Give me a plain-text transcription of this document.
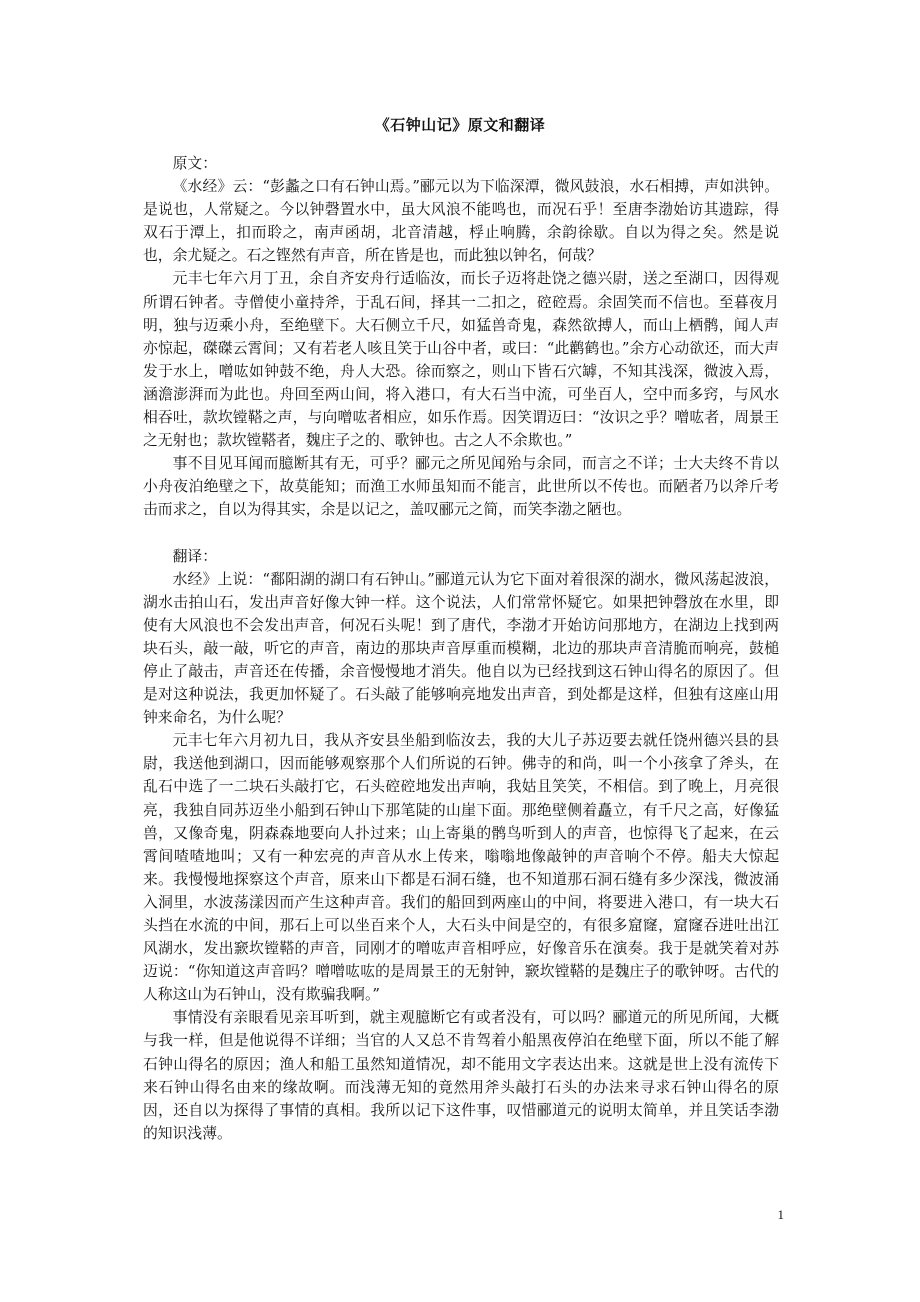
《石钟山记》原文和翻译

原文：

《水经》云：“彭蠡之口有石钟山焉。”郦元以为下临深潭，微风鼓浪，水石相搏，声如洪钟。是说也，人常疑之。今以钟磬置水中，虽大风浪不能鸣也，而况石乎！至唐李渤始访其遗踪，得双石于潭上，扣而聆之，南声函胡，北音清越，桴止响腾，余韵徐歇。自以为得之矣。然是说也，余尤疑之。石之铿然有声音，所在皆是也，而此独以钟名，何哉？

元丰七年六月丁丑，余自齐安舟行适临汝，而长子迈将赴饶之德兴尉，送之至湖口，因得观所谓石钟者。寺僧使小童持斧，于乱石间，择其一二扣之，硿硿焉。余固笑而不信也。至暮夜月明，独与迈乘小舟，至绝壁下。大石侧立千尺，如猛兽奇鬼，森然欲搏人，而山上栖鹘，闻人声亦惊起，磔磔云霄间；又有若老人咳且笑于山谷中者，或曰：“此鹳鹤也。”余方心动欲还，而大声发于水上，噌吰如钟鼓不绝，舟人大恐。徐而察之，则山下皆石穴罅，不知其浅深，微波入焉，涵澹澎湃而为此也。舟回至两山间，将入港口，有大石当中流，可坐百人，空中而多窍，与风水相吞吐，款坎镗鞳之声，与向噌吰者相应，如乐作焉。因笑谓迈曰：“汝识之乎？噌吰者，周景王之无射也；款坎镗鞳者，魏庄子之的、歌钟也。古之人不余欺也。”

事不目见耳闻而臆断其有无，可乎？郦元之所见闻殆与余同，而言之不详；士大夫终不肯以小舟夜泊绝壁之下，故莫能知；而渔工水师虽知而不能言，此世所以不传也。而陋者乃以斧斤考击而求之，自以为得其实，余是以记之，盖叹郦元之简，而笑李渤之陋也。

翻译：

水经》上说：“鄱阳湖的湖口有石钟山。”郦道元认为它下面对着很深的湖水，微风荡起波浪，湖水击拍山石，发出声音好像大钟一样。这个说法，人们常常怀疑它。如果把钟磬放在水里，即使有大风浪也不会发出声音，何况石头呢！到了唐代，李渤才开始访问那地方，在湖边上找到两块石头，敲一敲，听它的声音，南边的那块声音厚重而模糊，北边的那块声音清脆而响亮，鼓槌停止了敲击，声音还在传播，余音慢慢地才消失。他自以为已经找到这石钟山得名的原因了。但是对这种说法，我更加怀疑了。石头敲了能够响亮地发出声音，到处都是这样，但独有这座山用钟来命名，为什么呢？

元丰七年六月初九日，我从齐安县坐船到临汝去，我的大儿子苏迈要去就任饶州德兴县的县尉，我送他到湖口，因而能够观察那个人们所说的石钟。佛寺的和尚，叫一个小孩拿了斧头，在乱石中选了一二块石头敲打它，石头硿硿地发出声响，我姑且笑笑，不相信。到了晚上，月亮很亮，我独自同苏迈坐小船到石钟山下那笔陡的山崖下面。那绝壁侧着矗立，有千尺之高，好像猛兽，又像奇鬼，阴森森地要向人扑过来；山上寄巢的鹘鸟听到人的声音，也惊得飞了起来，在云霄间喳喳地叫；又有一种宏亮的声音从水上传来，嗡嗡地像敲钟的声音响个不停。船夫大惊起来。我慢慢地探察这个声音，原来山下都是石洞石缝，也不知道那石洞石缝有多少深浅，微波涌入洞里，水波荡漾因而产生这种声音。我们的船回到两座山的中间，将要进入港口，有一块大石头挡在水流的中间，那石上可以坐百来个人，大石头中间是空的，有很多窟窿，窟窿吞进吐出江风湖水，发出窾坎镗鞳的声音，同刚才的噌吰声音相呼应，好像音乐在演奏。我于是就笑着对苏迈说：“你知道这声音吗？噌噌吰吰的是周景王的无射钟，窾坎镗鞳的是魏庄子的歌钟呀。古代的人称这山为石钟山，没有欺骗我啊。”

事情没有亲眼看见亲耳听到，就主观臆断它有或者没有，可以吗？郦道元的所见所闻，大概与我一样，但是他说得不详细；当官的人又总不肯驾着小船黑夜停泊在绝壁下面，所以不能了解石钟山得名的原因；渔人和船工虽然知道情况，却不能用文字表达出来。这就是世上没有流传下来石钟山得名由来的缘故啊。而浅薄无知的竟然用斧头敲打石头的办法来寻求石钟山得名的原因，还自以为探得了事情的真相。我所以记下这件事，叹惜郦道元的说明太简单，并且笑话李渤的知识浅薄。

1
